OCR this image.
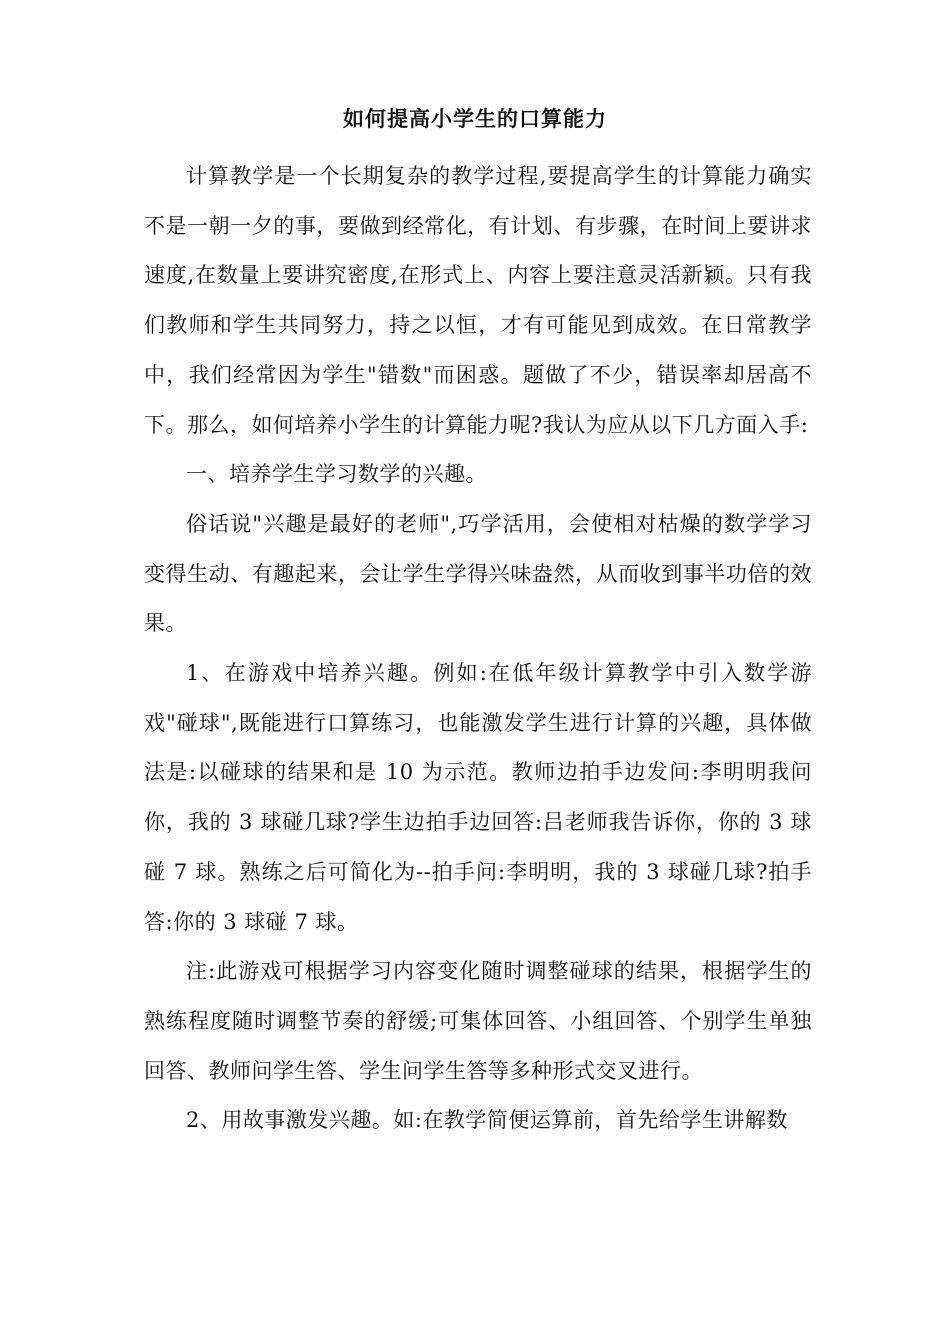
如何提高小学生的口算能力

计算教学是一个长期复杂的教学过程,要提高学生的计算能力确实不是一朝一夕的事，要做到经常化，有计划、有步骤，在时间上要讲求速度,在数量上要讲究密度,在形式上、内容上要注意灵活新颖。只有我们教师和学生共同努力，持之以恒，才有可能见到成效。在日常教学中，我们经常因为学生"错数"而困惑。题做了不少，错误率却居高不下。那么，如何培养小学生的计算能力呢?我认为应从以下几方面入手:

一、培养学生学习数学的兴趣。

俗话说"兴趣是最好的老师",巧学活用，会使相对枯燥的数学学习变得生动、有趣起来，会让学生学得兴味盎然，从而收到事半功倍的效果。

1、在游戏中培养兴趣。例如:在低年级计算教学中引入数学游戏"碰球",既能进行口算练习，也能激发学生进行计算的兴趣，具体做法是:以碰球的结果和是 10 为示范。教师边拍手边发问:李明明我问你，我的 3 球碰几球?学生边拍手边回答:吕老师我告诉你，你的 3 球碰 7 球。熟练之后可简化为--拍手问:李明明，我的 3 球碰几球?拍手答:你的 3 球碰 7 球。

注:此游戏可根据学习内容变化随时调整碰球的结果，根据学生的熟练程度随时调整节奏的舒缓;可集体回答、小组回答、个别学生单独回答、教师问学生答、学生问学生答等多种形式交叉进行。

2、用故事激发兴趣。如:在教学简便运算前，首先给学生讲解数
